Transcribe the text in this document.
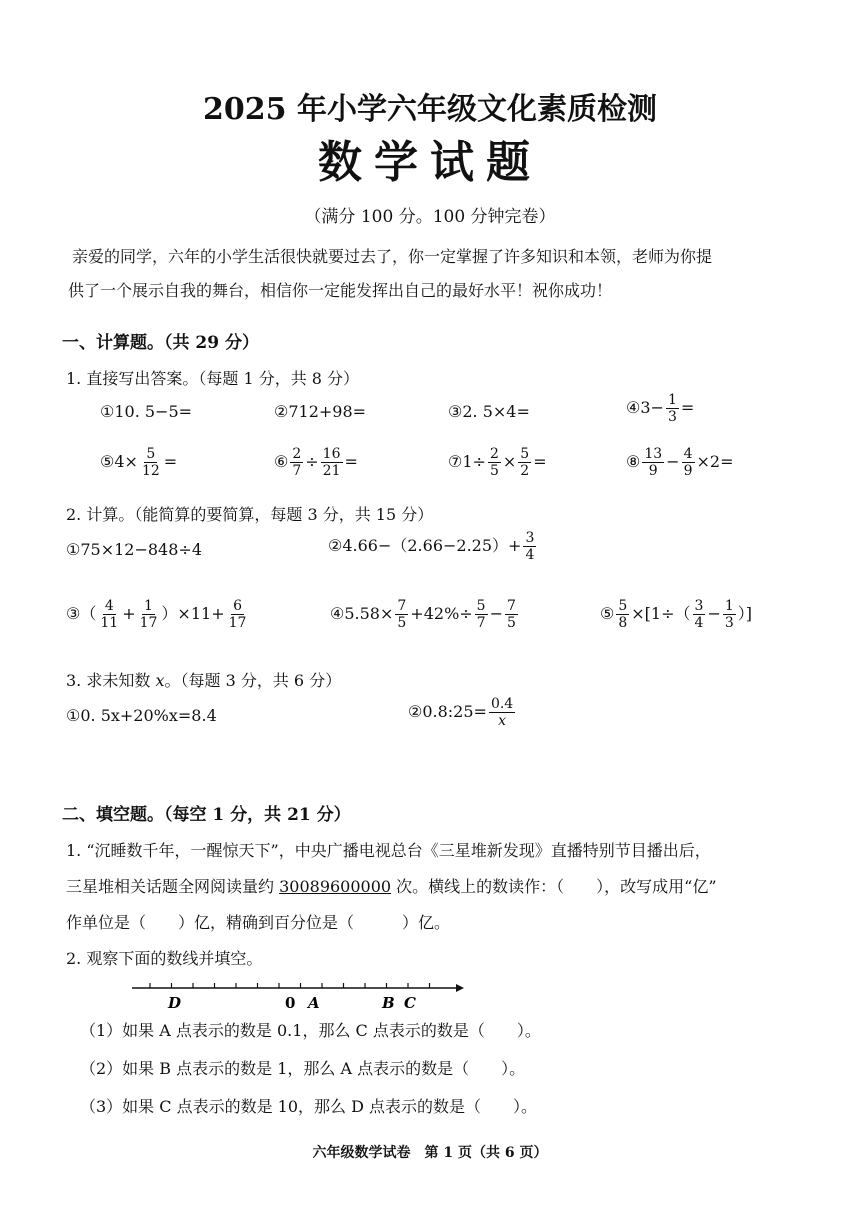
2025 年小学六年级文化素质检测
数学试题
（满分 100 分。100 分钟完卷）
亲爱的同学，六年的小学生活很快就要过去了，你一定掌握了许多知识和本领，老师为你提
供了一个展示自我的舞台，相信你一定能发挥出自己的最好水平！祝你成功！
一、计算题。（共 29 分）
1. 直接写出答案。（每题 1 分，共 8 分）
①10. 5−5=	②712+98=	③2. 5×4=	④3− $\frac{1}{3}$ =
⑤4× $\frac{5}{12}$ =	⑥ $\frac{2}{7} \div \frac{16}{21}$ =	⑦1÷ $\frac{2}{5} \times \frac{5}{2}$ =	⑧ $\frac{13}{9} - \frac{4}{9} \times 2=$
2. 计算。（能简算的要简算，每题 3 分，共 15 分）
①75×12−848÷4	②4.66−（2.66−2.25）+ $\frac{3}{4}$
③（ $\frac{4}{11} + \frac{1}{17} )\times 11+ \frac{6}{17}$	④5.58× $\frac{7}{5} +42\%\div \frac{5}{7} - \frac{7}{5}$	⑤ $\frac{5}{8} \times[1\div( \frac{3}{4} - \frac{1}{3}$ ）]
3. 求未知数 x。（每题 3 分，共 6 分）
①0. 5x+20%x=8.4	②0.8:25= $\frac{0.4}{x}$
二、填空题。（每空 1 分，共 21 分）
1. “沉睡数千年，一醒惊天下”，中央广播电视总台《三星堆新发现》直播特别节目播出后，
三星堆相关话题全网阅读量约 30089600000 次。横线上的数读作：（　　），改写成用“亿”
作单位是（　　）亿，精确到百分位是（　　　）亿。
2. 观察下面的数线并填空。
D	0 A	B C
（1）如果 A 点表示的数是 0.1，那么 C 点表示的数是（　　）。
（2）如果 B 点表示的数是 1，那么 A 点表示的数是（　　）。
（3）如果 C 点表示的数是 10，那么 D 点表示的数是（　　）。
六年级数学试卷　第 1 页（共 6 页）
